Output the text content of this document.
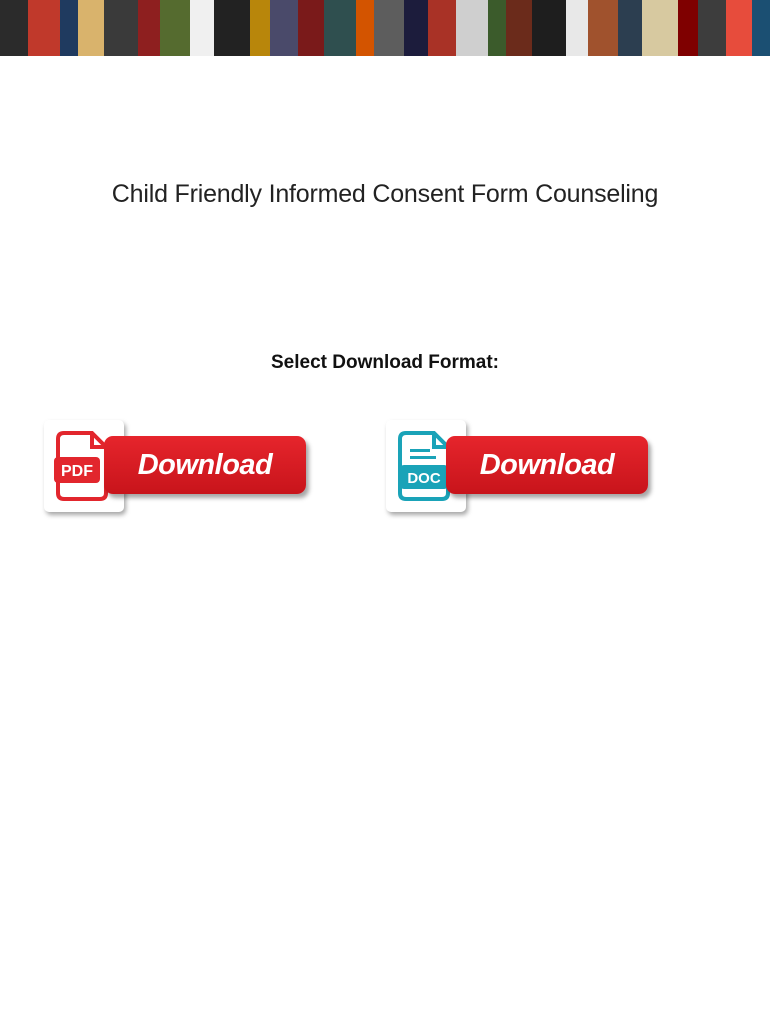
Child Friendly Informed Consent Form Counseling
Select Download Format:
PDF	Download	DOC	Download
